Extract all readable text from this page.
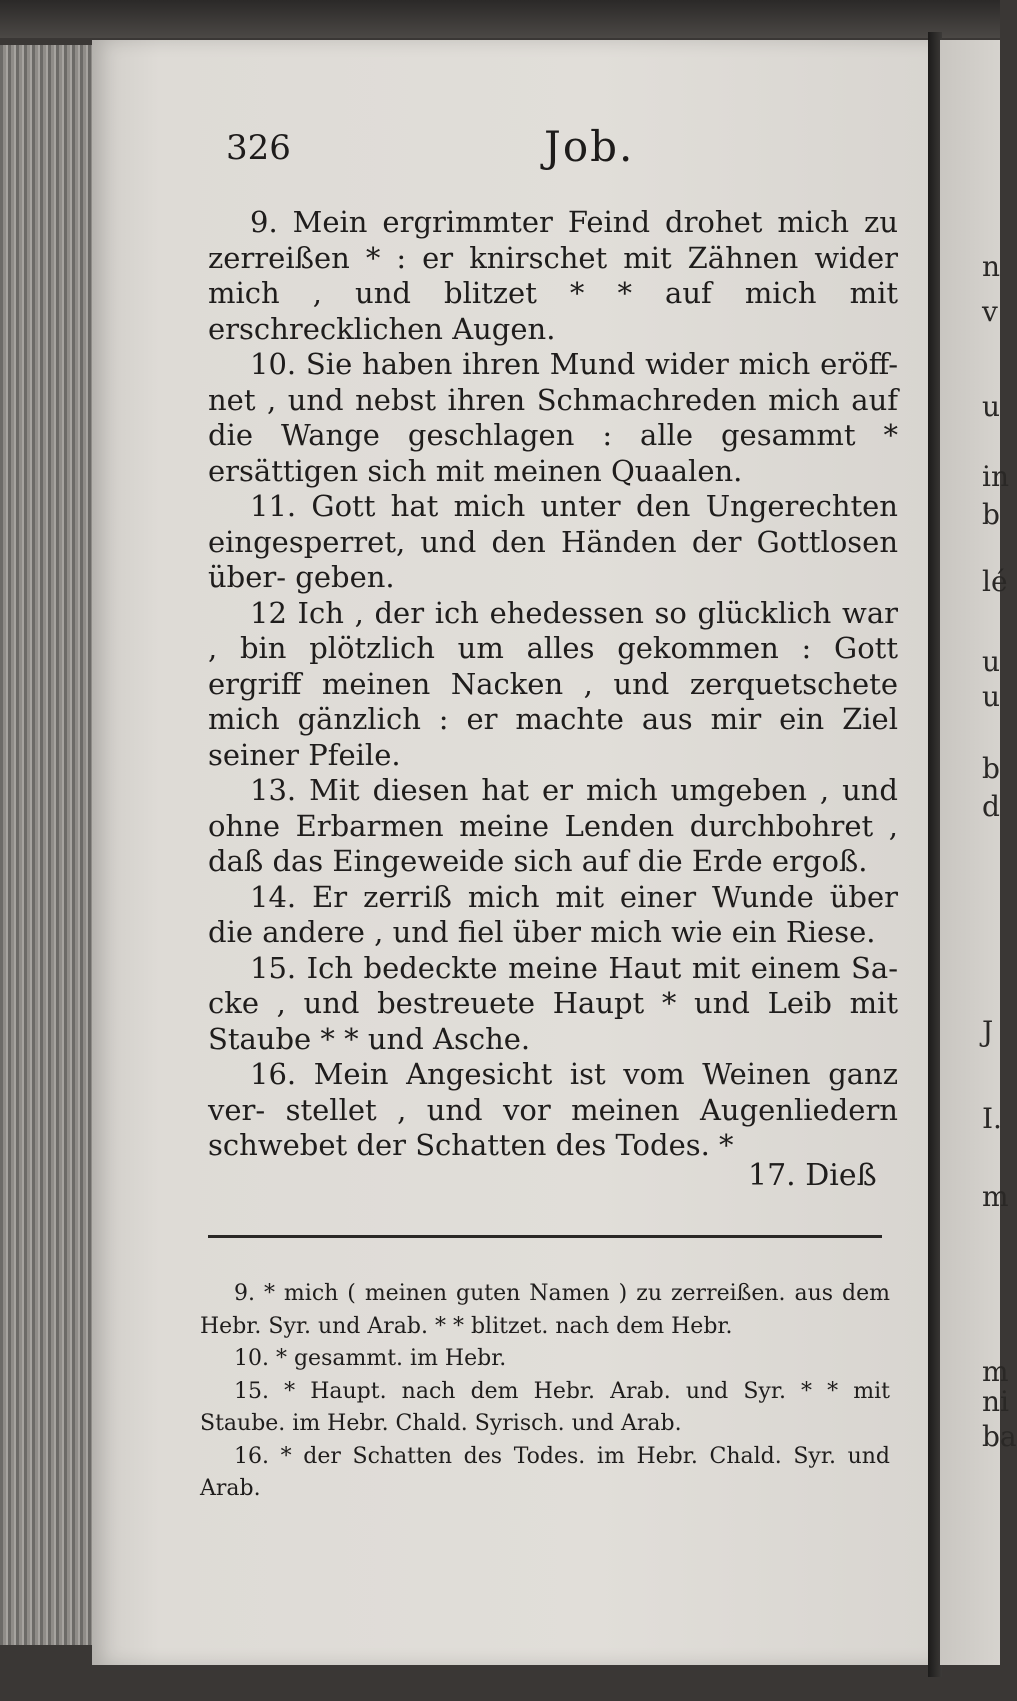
326	Job.

9. Mein ergrimmter Feind drohet mich zu zerreißen * : er knirschet mit Zähnen wider mich , und blitzet * * auf mich mit erschrecklichen Augen.

10. Sie haben ihren Mund wider mich eröff- net , und nebst ihren Schmachreden mich auf die Wange geschlagen : alle gesammt * ersättigen sich mit meinen Quaalen.

11. Gott hat mich unter den Ungerechten eingesperret, und den Händen der Gottlosen über- geben.

12 Ich , der ich ehedessen so glücklich war , bin plötzlich um alles gekommen : Gott ergriff meinen Nacken , und zerquetschete mich gänzlich : er machte aus mir ein Ziel seiner Pfeile.

13. Mit diesen hat er mich umgeben , und ohne Erbarmen meine Lenden durchbohret , daß das Eingeweide sich auf die Erde ergoß.

14. Er zerriß mich mit einer Wunde über die andere , und fiel über mich wie ein Riese.

15. Ich bedeckte meine Haut mit einem Sa- cke , und bestreuete Haupt * und Leib mit Staube * * und Asche.

16. Mein Angesicht ist vom Weinen ganz ver- stellet , und vor meinen Augenliedern schwebet der Schatten des Todes. *

17. Dieß

9. * mich ( meinen guten Namen ) zu zerreißen. aus dem Hebr. Syr. und Arab. * * blitzet. nach dem Hebr.

10. * gesammt. im Hebr.

15. * Haupt. nach dem Hebr. Arab. und Syr. * * mit Staube. im Hebr. Chald. Syrisch. und Arab.

16. * der Schatten des Todes. im Hebr. Chald. Syr. und Arab.

n
v
u
in
b
lé
u
u
b
d
J
I.
m
m
ni
ba
